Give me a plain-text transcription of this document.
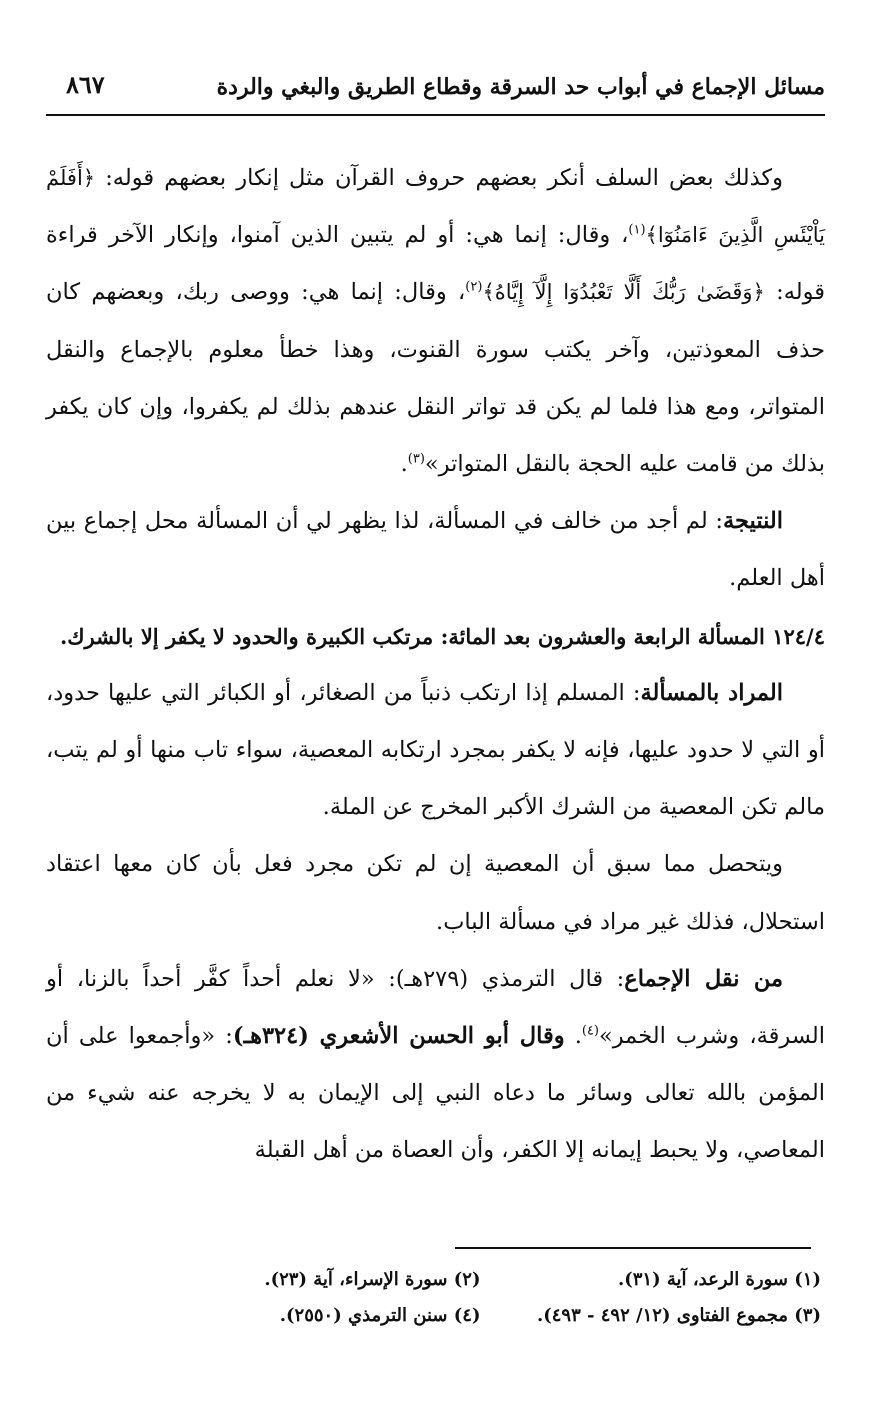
مسائل الإجماع في أبواب حد السرقة وقطاع الطريق والبغي والردة
٨٦٧

وكذلك بعض السلف أنكر بعضهم حروف القرآن مثل إنكار بعضهم قوله: ﴿أَفَلَمْ يَاْيْئَسِ الَّذِينَ ءَامَنُوٓا﴾$^{(١)}$، وقال: إنما هي: أو لم يتبين الذين آمنوا، وإنكار الآخر قراءة قوله: ﴿وَقَضَىٰ رَبُّكَ أَلَّا تَعْبُدُوٓا إِلَّآ إِيَّاهُ﴾$^{(٢)}$، وقال: إنما هي: ووصى ربك، وبعضهم كان حذف المعوذتين، وآخر يكتب سورة القنوت، وهذا خطأ معلوم بالإجماع والنقل المتواتر، ومع هذا فلما لم يكن قد تواتر النقل عندهم بذلك لم يكفروا، وإن كان يكفر بذلك من قامت عليه الحجة بالنقل المتواتر»$^{(٣)}$.

النتيجة: لم أجد من خالف في المسألة، لذا يظهر لي أن المسألة محل إجماع بين أهل العلم.

١٢٤/٤ المسألة الرابعة والعشرون بعد المائة: مرتكب الكبيرة والحدود لا يكفر إلا بالشرك.

المراد بالمسألة: المسلم إذا ارتكب ذنباً من الصغائر، أو الكبائر التي عليها حدود، أو التي لا حدود عليها، فإنه لا يكفر بمجرد ارتكابه المعصية، سواء تاب منها أو لم يتب، مالم تكن المعصية من الشرك الأكبر المخرج عن الملة.

ويتحصل مما سبق أن المعصية إن لم تكن مجرد فعل بأن كان معها اعتقاد استحلال، فذلك غير مراد في مسألة الباب.

من نقل الإجماع: قال الترمذي (٢٧٩هـ): «لا نعلم أحداً كفَّر أحداً بالزنا، أو السرقة، وشرب الخمر»$^{(٤)}$. وقال أبو الحسن الأشعري (٣٢٤هـ): «وأجمعوا على أن المؤمن بالله تعالى وسائر ما دعاه النبي إلى الإيمان به لا يخرجه عنه شيء من المعاصي، ولا يحبط إيمانه إلا الكفر، وأن العصاة من أهل القبلة

(١) سورة الرعد، آية (٣١).
(٢) سورة الإسراء، آية (٢٣).
(٣) مجموع الفتاوى (١٢/ ٤٩٢ - ٤٩٣).
(٤) سنن الترمذي (٢٥٥٠).
